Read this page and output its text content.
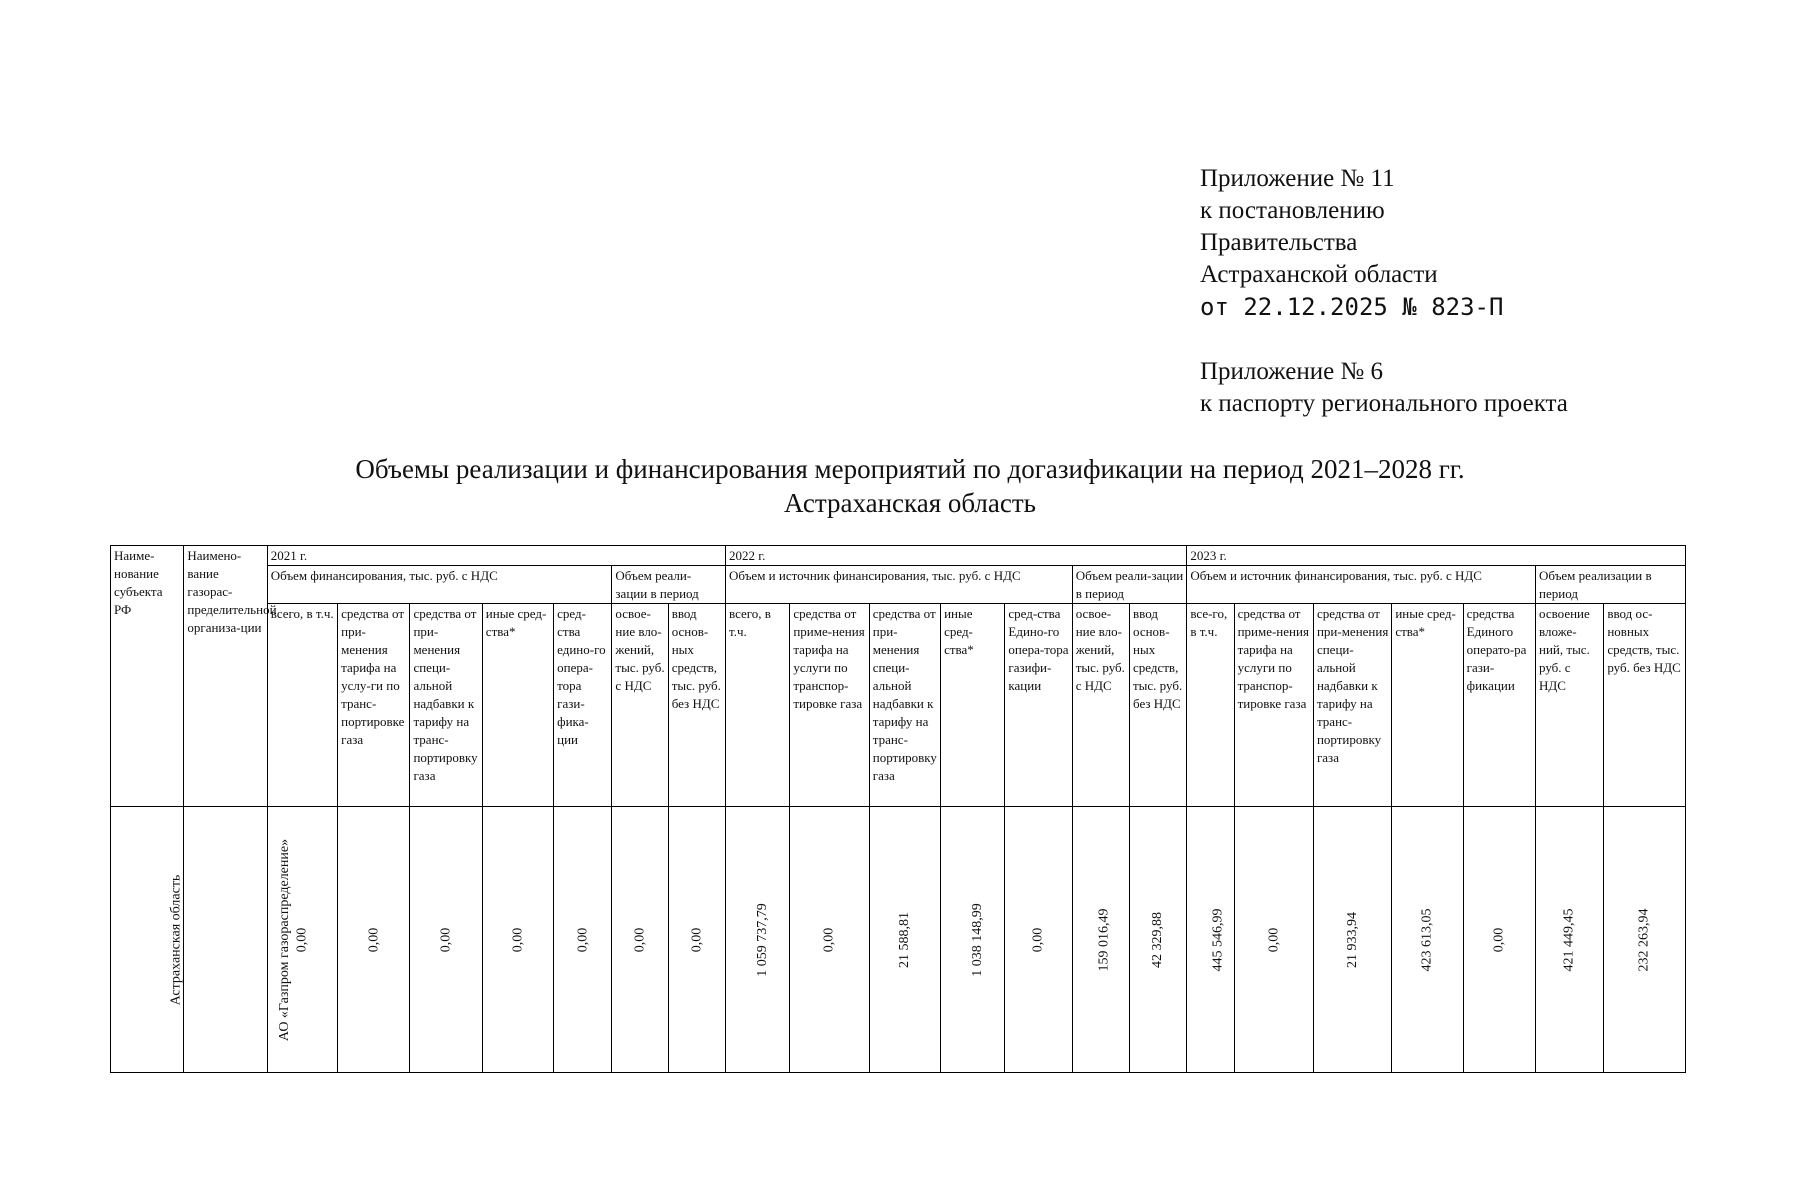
Приложение № 11
к постановлению
Правительства
Астраханской области
от 22.12.2025 № 823-П
Приложение № 6
к паспорту регионального проекта
Объемы реализации и финансирования мероприятий по догазификации на период 2021–2028 гг.
Астраханская область
Наиме-нование субъекта РФ	Наимено-вание газорас-пределительной организа-ции	2021 г.							2022 г.							2023 г.						
		Объем финансирования, тыс. руб. с НДС					Объем реали-зации в период		Объем и источник финансирования, тыс. руб. с НДС					Объем реали-зации в период		Объем и источник финансирования, тыс. руб. с НДС					Объем реализации в период	
		всего, в т.ч.	средства от при-менения тарифа на услу-ги по транс-портировке газа	средства от при-менения специ-альной надбавки к тарифу на транс-портировку газа	иные сред-ства*	сред-ства едино-го опера-тора гази-фика-ции	освое-ние вло-жений, тыс. руб. с НДС	ввод основ-ных средств, тыс. руб. без НДС	всего, в т.ч.	средства от приме-нения тарифа на услуги по транспор-тировке газа	средства от при-менения специ-альной надбавки к тарифу на транс-портировку газа	иные сред-ства*	сред-ства Едино-го опера-тора газифи-кации	освое-ние вло-жений, тыс. руб. с НДС	ввод основ-ных средств, тыс. руб. без НДС	все-го, в т.ч.	средства от приме-нения тарифа на услуги по транспор-тировке газа	средства от при-менения специ-альной надбавки к тарифу на транс-портировку газа	иные сред-ства*	средства Единого операто-ра гази-фикации	освоение вложе-ний, тыс. руб. с НДС	ввод ос-новных средств, тыс. руб. без НДС
Астраханская область	АО «Газпром газораспределение»	0,00	0,00	0,00	0,00	0,00	0,00	0,00	1 059 737,79	0,00	21 588,81	1 038 148,99	0,00	159 016,49	42 329,88	445 546,99	0,00	21 933,94	423 613,05	0,00	421 449,45	232 263,94
